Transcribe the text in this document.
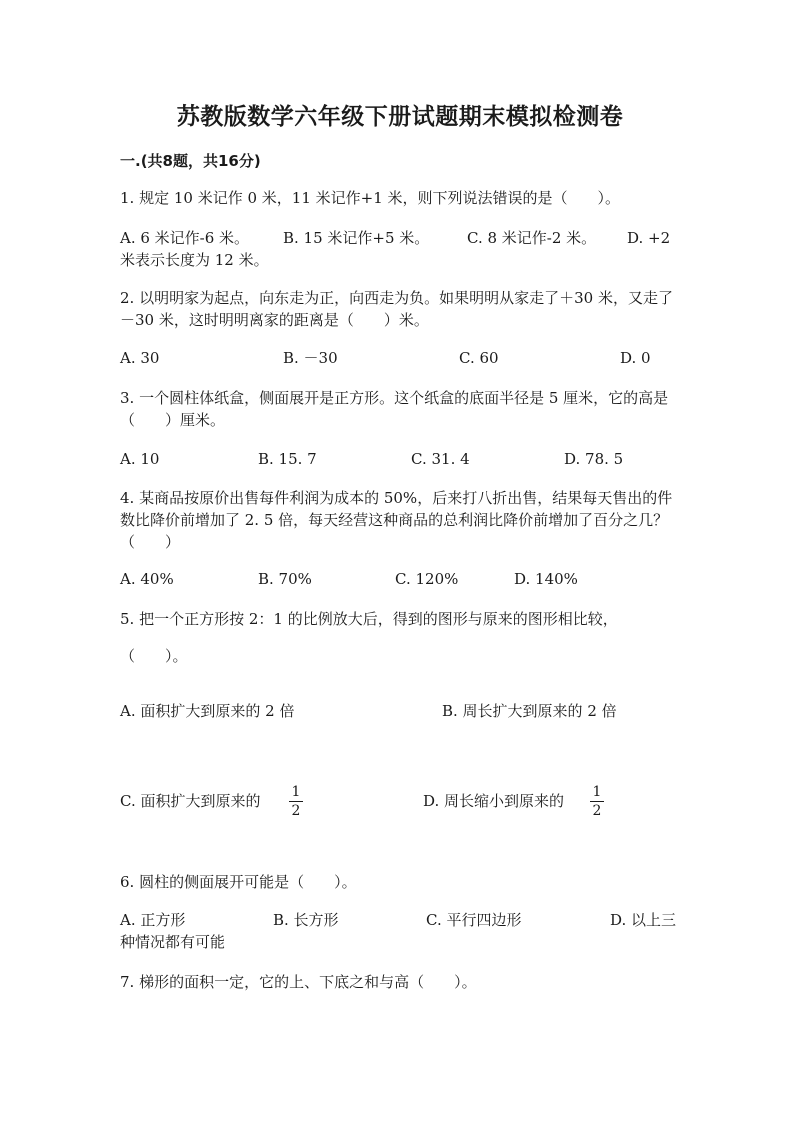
苏教版数学六年级下册试题期末模拟检测卷
一.(共8题，共16分)
1. 规定 10 米记作 0 米，11 米记作+1 米，则下列说法错误的是（　　）。
A. 6 米记作-6 米。 B. 15 米记作+5 米。	C. 8 米记作-2 米。 D. +2
米表示长度为 12 米。
2. 以明明家为起点，向东走为正，向西走为负。如果明明从家走了＋30 米，又走了－30 米，这时明明离家的距离是（　　）米。
A. 30	B. －30	C. 60	D. 0
3. 一个圆柱体纸盒，侧面展开是正方形。这个纸盒的底面半径是 5 厘米，它的高是（　　）厘米。
A. 10	B. 15. 7	C. 31. 4	D. 78. 5
4. 某商品按原价出售每件利润为成本的 50%，后来打八折出售，结果每天售出的件数比降价前增加了 2. 5 倍，每天经营这种商品的总利润比降价前增加了百分之几？（　　）
A. 40%	B. 70%	C. 120%	D. 140%
5. 把一个正方形按 2：1 的比例放大后，得到的图形与原来的图形相比较，
（　　）。
A. 面积扩大到原来的 2 倍	B. 周长扩大到原来的 2 倍
C. 面积扩大到原来的	D. 周长缩小到原来的
1
2
1
2
6. 圆柱的侧面展开可能是（　　）。
A. 正方形	B. 长方形	C. 平行四边形	D. 以上三
种情况都有可能
7. 梯形的面积一定，它的上、下底之和与高（　　）。
